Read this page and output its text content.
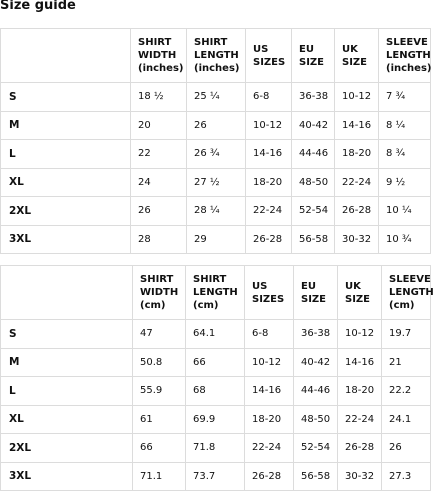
Size guide

	SHIRT
WIDTH
(inches)	SHIRT
LENGTH
(inches)	US
SIZES	EU
SIZE	UK
SIZE	SLEEVE
LENGTH
(inches)

S	18 ½	25 ¼	6-8	36-38	10-12	7 ¾
M	20	26	10-12	40-42	14-16	8 ¼
L	22	26 ¾	14-16	44-46	18-20	8 ¾
XL	24	27 ½	18-20	48-50	22-24	9 ½
2XL	26	28 ¼	22-24	52-54	26-28	10 ¼
3XL	28	29	26-28	56-58	30-32	10 ¾

	SHIRT
WIDTH
(cm)	SHIRT
LENGTH
(cm)	US
SIZES	EU
SIZE	UK
SIZE	SLEEVE
LENGTH
(cm)

S	47	64.1	6-8	36-38	10-12	19.7
M	50.8	66	10-12	40-42	14-16	21
L	55.9	68	14-16	44-46	18-20	22.2
XL	61	69.9	18-20	48-50	22-24	24.1
2XL	66	71.8	22-24	52-54	26-28	26
3XL	71.1	73.7	26-28	56-58	30-32	27.3
